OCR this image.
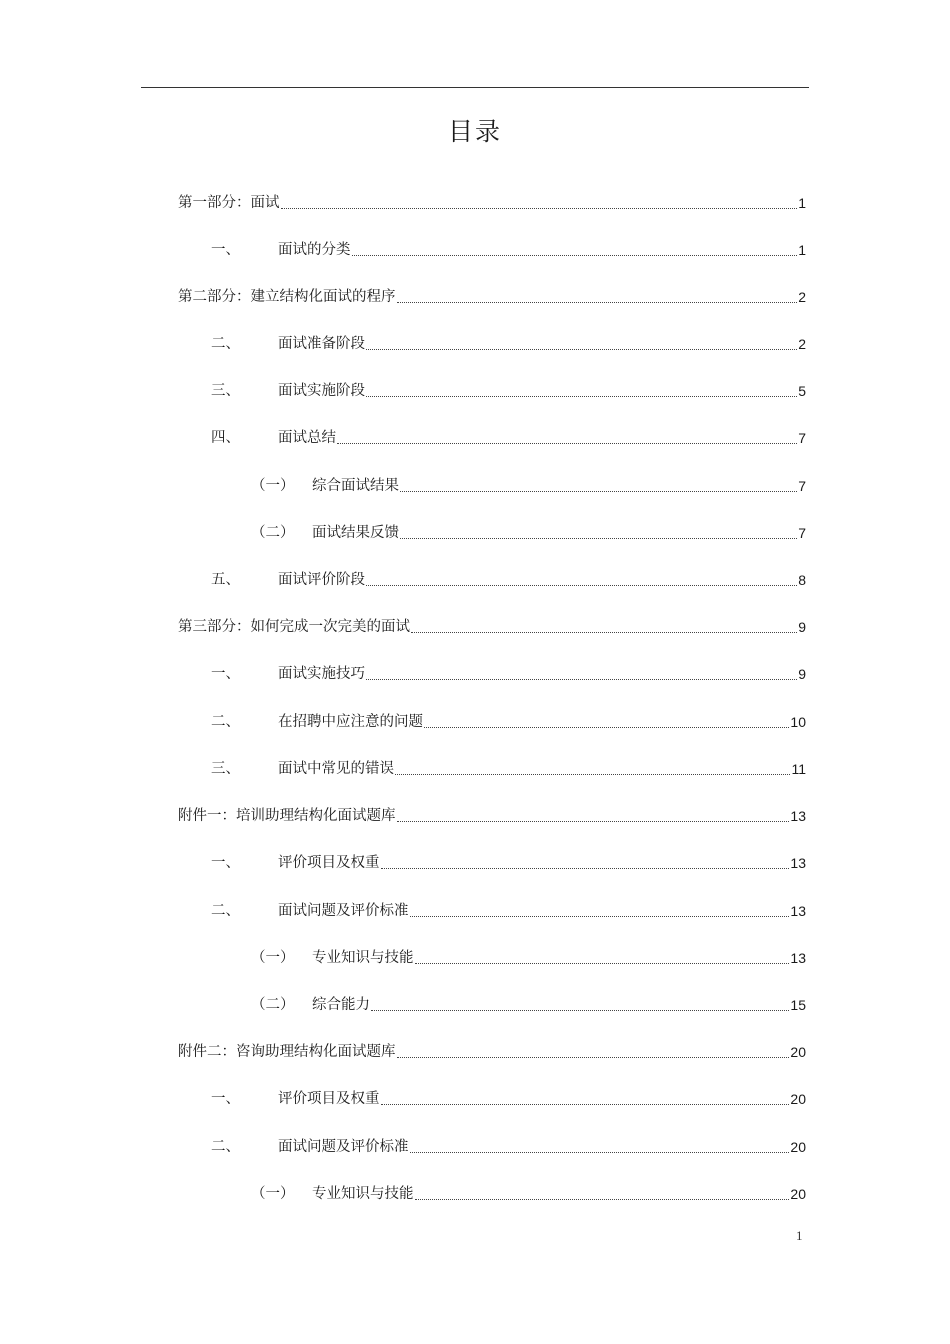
目录
第一部分：面试	1
一、	面试的分类	1
第二部分：建立结构化面试的程序	2
二、	面试准备阶段	2
三、	面试实施阶段	5
四、	面试总结	7
（一）	综合面试结果	7
（二）	面试结果反馈	7
五、	面试评价阶段	8
第三部分：如何完成一次完美的面试	9
一、	面试实施技巧	9
二、	在招聘中应注意的问题	10
三、	面试中常见的错误	11
附件一：培训助理结构化面试题库	13
一、	评价项目及权重	13
二、	面试问题及评价标准	13
（一）	专业知识与技能	13
（二）	综合能力	15
附件二：咨询助理结构化面试题库	20
一、	评价项目及权重	20
二、	面试问题及评价标准	20
（一）	专业知识与技能	20
1
